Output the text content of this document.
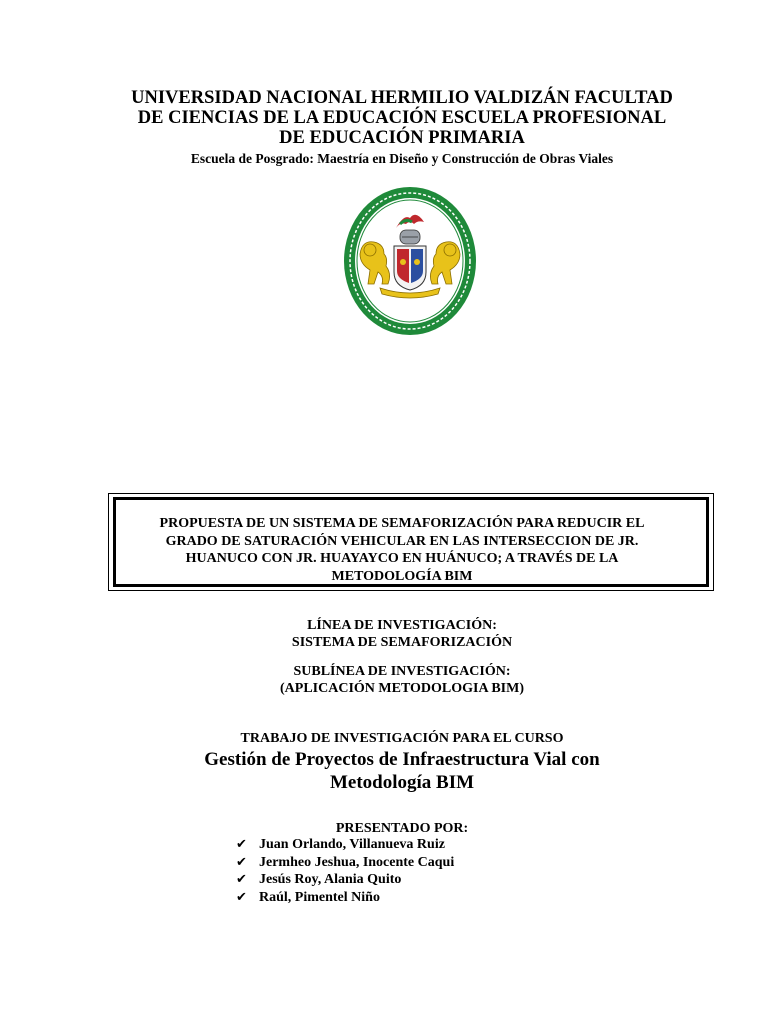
UNIVERSIDAD NACIONAL HERMILIO VALDIZÁN FACULTAD
DE CIENCIAS DE LA EDUCACIÓN ESCUELA PROFESIONAL
DE EDUCACIÓN PRIMARIA
Escuela de Posgrado: Maestría en Diseño y Construcción de Obras Viales
PROPUESTA DE UN SISTEMA DE SEMAFORIZACIÓN PARA REDUCIR EL
GRADO DE SATURACIÓN VEHICULAR EN LAS INTERSECCION DE JR.
HUANUCO CON JR. HUAYAYCO EN HUÁNUCO; A TRAVÉS DE LA
METODOLOGÍA BIM
LÍNEA DE INVESTIGACIÓN:
SISTEMA DE SEMAFORIZACIÓN
SUBLÍNEA DE INVESTIGACIÓN:
(APLICACIÓN METODOLOGIA BIM)
TRABAJO DE INVESTIGACIÓN PARA EL CURSO
Gestión de Proyectos de Infraestructura Vial con
Metodología BIM
PRESENTADO POR:
✔ Juan Orlando, Villanueva Ruiz
✔ Jermheo Jeshua, Inocente Caqui
✔ Jesús Roy, Alania Quito
✔ Raúl, Pimentel Niño
